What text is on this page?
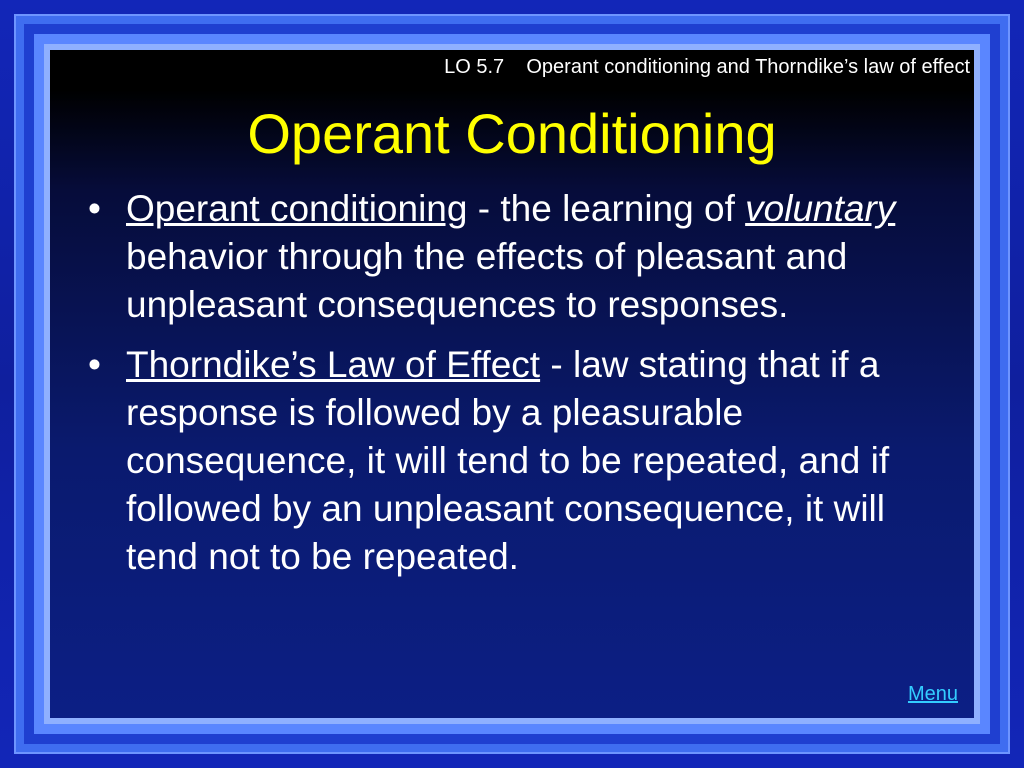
LO 5.7 Operant conditioning and Thorndike’s law of effect
Operant Conditioning
• Operant conditioning - the learning of voluntary behavior through the effects of pleasant and unpleasant consequences to responses.
• Thorndike’s Law of Effect - law stating that if a response is followed by a pleasurable consequence, it will tend to be repeated, and if followed by an unpleasant consequence, it will tend not to be repeated.
Menu
